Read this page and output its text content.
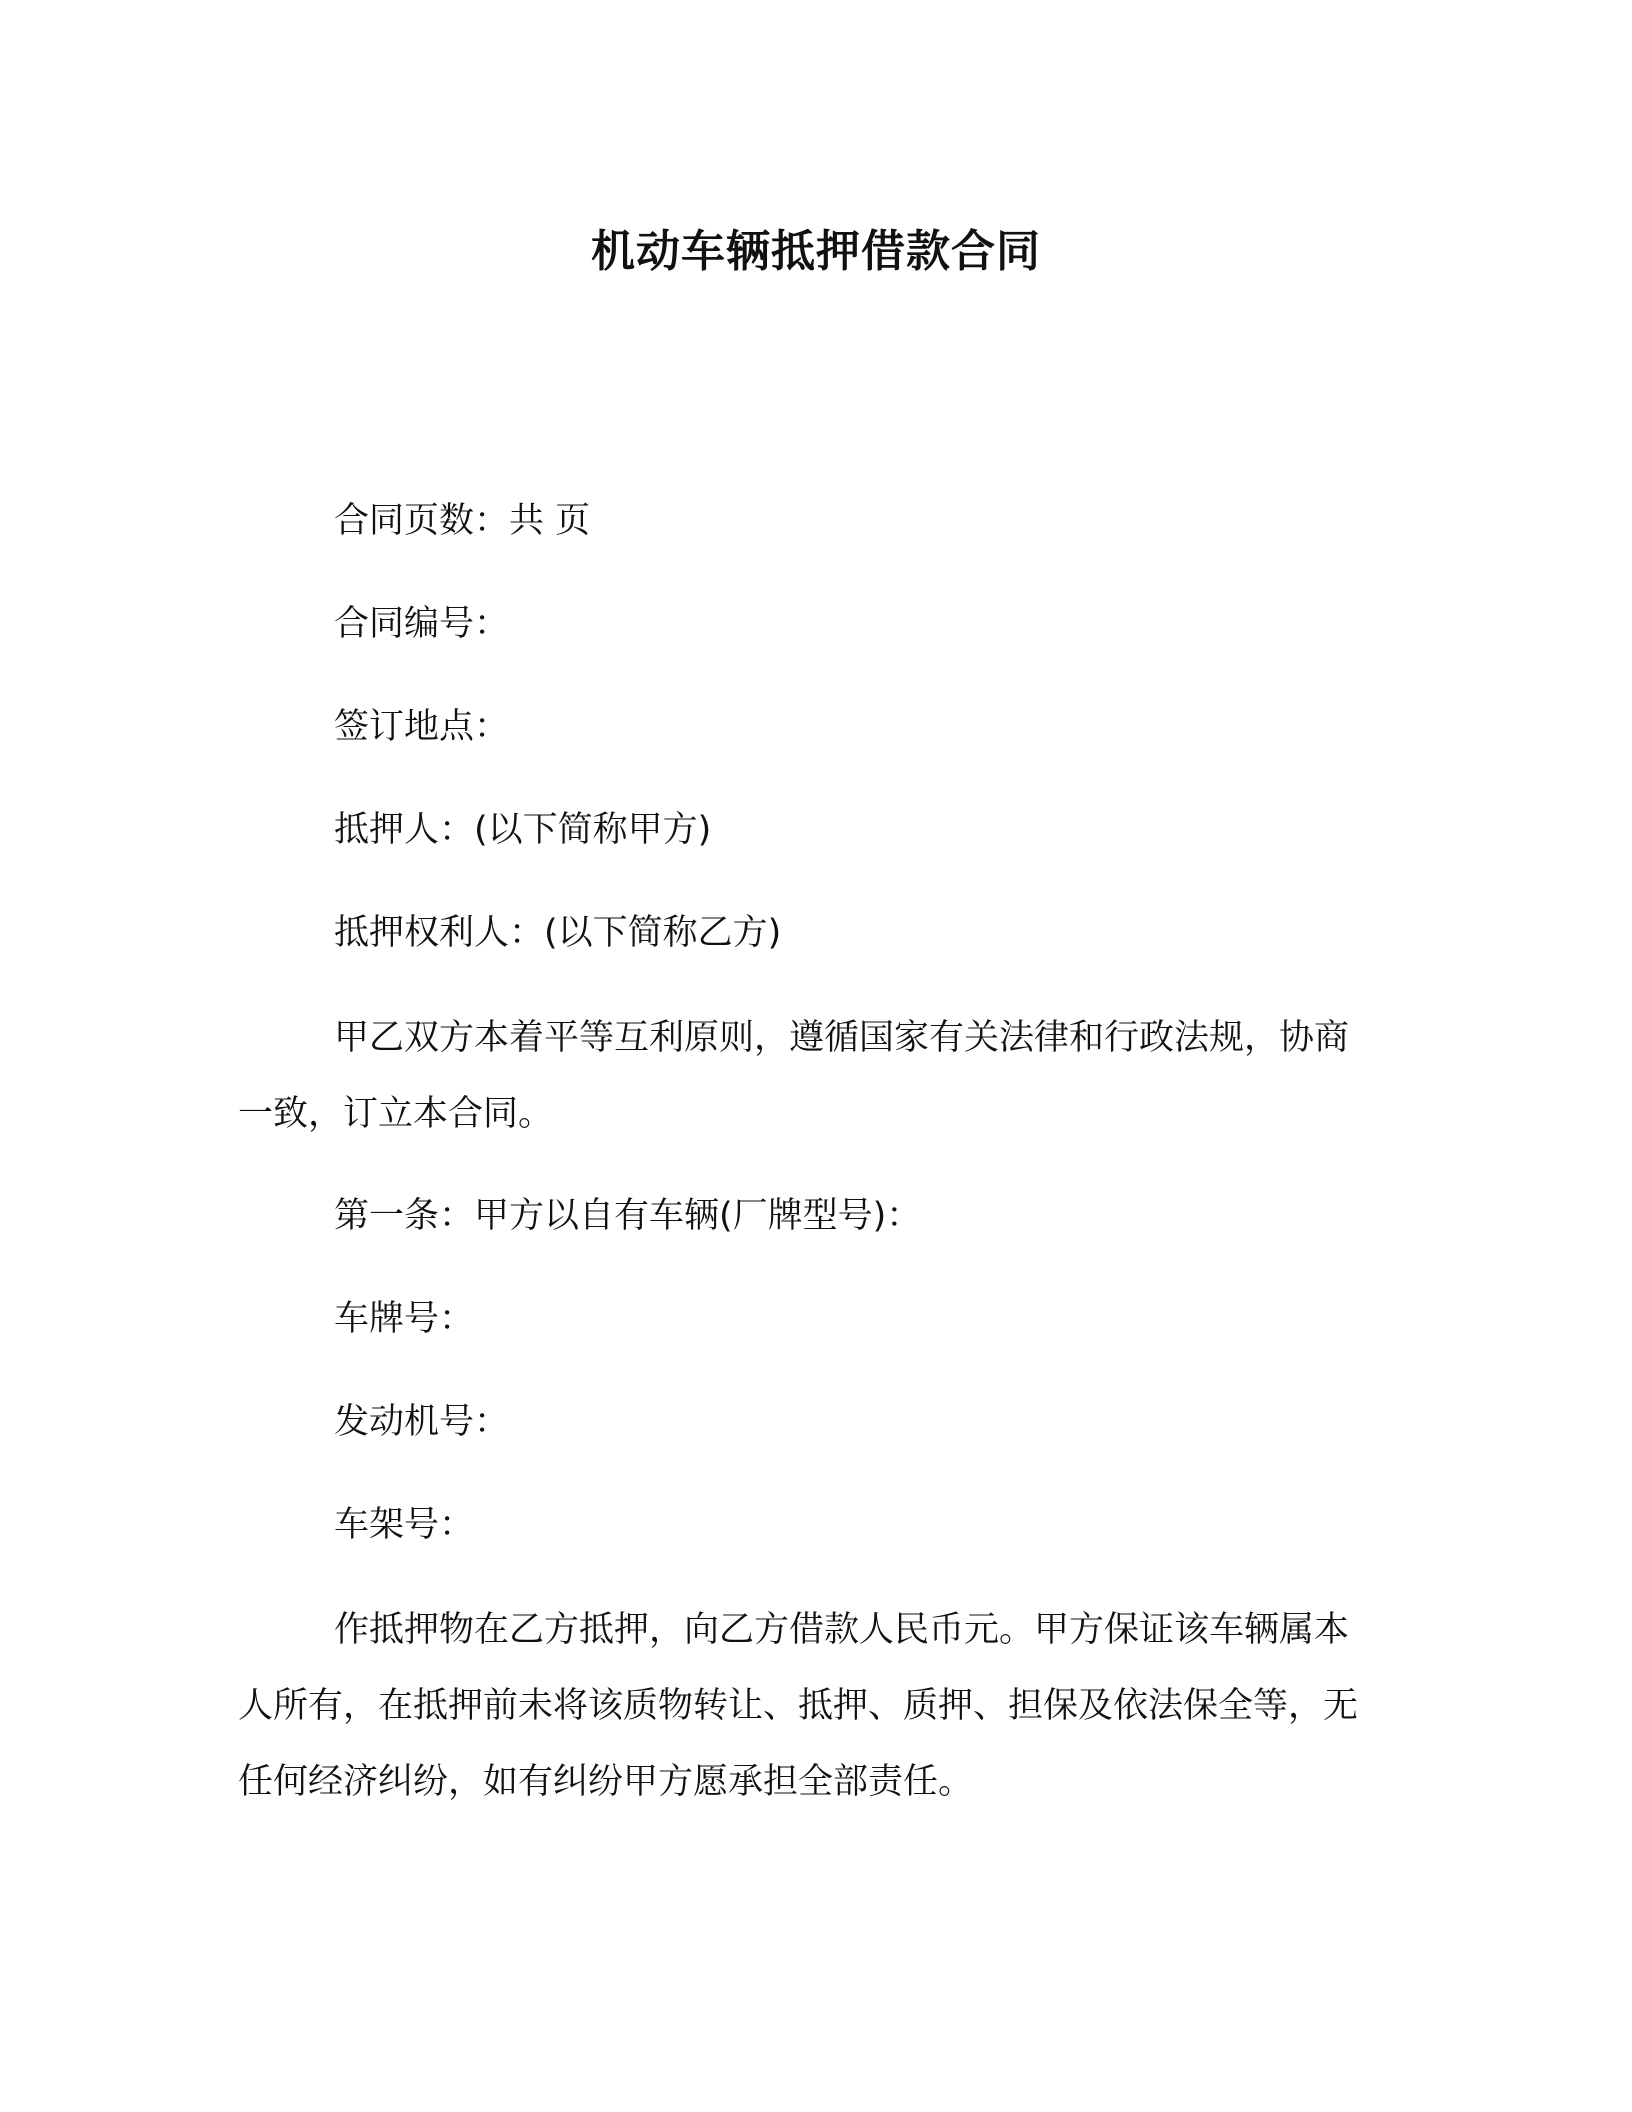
机动车辆抵押借款合同

合同页数：共 页

合同编号：

签订地点：

抵押人：(以下简称甲方)

抵押权利人：(以下简称乙方)

甲乙双方本着平等互利原则，遵循国家有关法律和行政法规，协商一致，订立本合同。

第一条：甲方以自有车辆(厂牌型号)：

车牌号：

发动机号：

车架号：

作抵押物在乙方抵押，向乙方借款人民币元。甲方保证该车辆属本人所有，在抵押前未将该质物转让、抵押、质押、担保及依法保全等，无任何经济纠纷，如有纠纷甲方愿承担全部责任。
